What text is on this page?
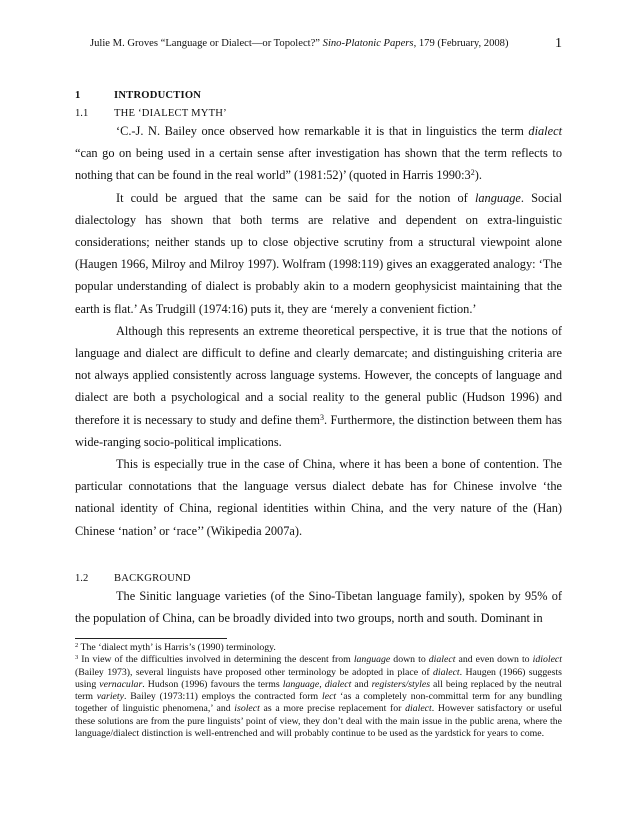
Julie M. Groves “Language or Dialect—or Topolect?” Sino-Platonic Papers, 179 (February, 2008)	1
1	INTRODUCTION
1.1	THE ‘DIALECT MYTH’

‘C.-J. N. Bailey once observed how remarkable it is that in linguistics the term dialect “can go on being used in a certain sense after investigation has shown that the term reflects to nothing that can be found in the real world” (1981:52)’ (quoted in Harris $1990:3^2$).

It could be argued that the same can be said for the notion of language. Social dialectology has shown that both terms are relative and dependent on extra-linguistic considerations; neither stands up to close objective scrutiny from a structural viewpoint alone (Haugen 1966, Milroy and Milroy 1997). Wolfram (1998:119) gives an exaggerated analogy: ‘The popular understanding of dialect is probably akin to a modern geophysicist maintaining that the earth is flat.’ As Trudgill (1974:16) puts it, they are ‘merely a convenient fiction.’

Although this represents an extreme theoretical perspective, it is true that the notions of language and dialect are difficult to define and clearly demarcate; and distinguishing criteria are not always applied consistently across language systems. However, the concepts of language and dialect are both a psychological and a social reality to the general public (Hudson 1996) and therefore it is necessary to study and define them$^3$. Furthermore, the distinction between them has wide-ranging socio-political implications.

This is especially true in the case of China, where it has been a bone of contention. The particular connotations that the language versus dialect debate has for Chinese involve ‘the national identity of China, regional identities within China, and the very nature of the (Han) Chinese ‘nation’ or ‘race’’ (Wikipedia 2007a).

1.2	BACKGROUND

The Sinitic language varieties (of the Sino-Tibetan language family), spoken by 95% of the population of China, can be broadly divided into two groups, north and south. Dominant in

$^2$ The ‘dialect myth’ is Harris’s (1990) terminology.

$^3$ In view of the difficulties involved in determining the descent from language down to dialect and even down to idiolect (Bailey 1973), several linguists have proposed other terminology be adopted in place of dialect. Haugen (1966) suggests using vernacular. Hudson (1996) favours the terms language, dialect and registers/styles all being replaced by the neutral term variety. Bailey (1973:11) employs the contracted form lect ‘as a completely non-committal term for any bundling together of linguistic phenomena,’ and isolect as a more precise replacement for dialect. However satisfactory or useful these solutions are from the pure linguists’ point of view, they don’t deal with the main issue in the public arena, where the language/dialect distinction is well-entrenched and will probably continue to be used as the yardstick for years to come.
